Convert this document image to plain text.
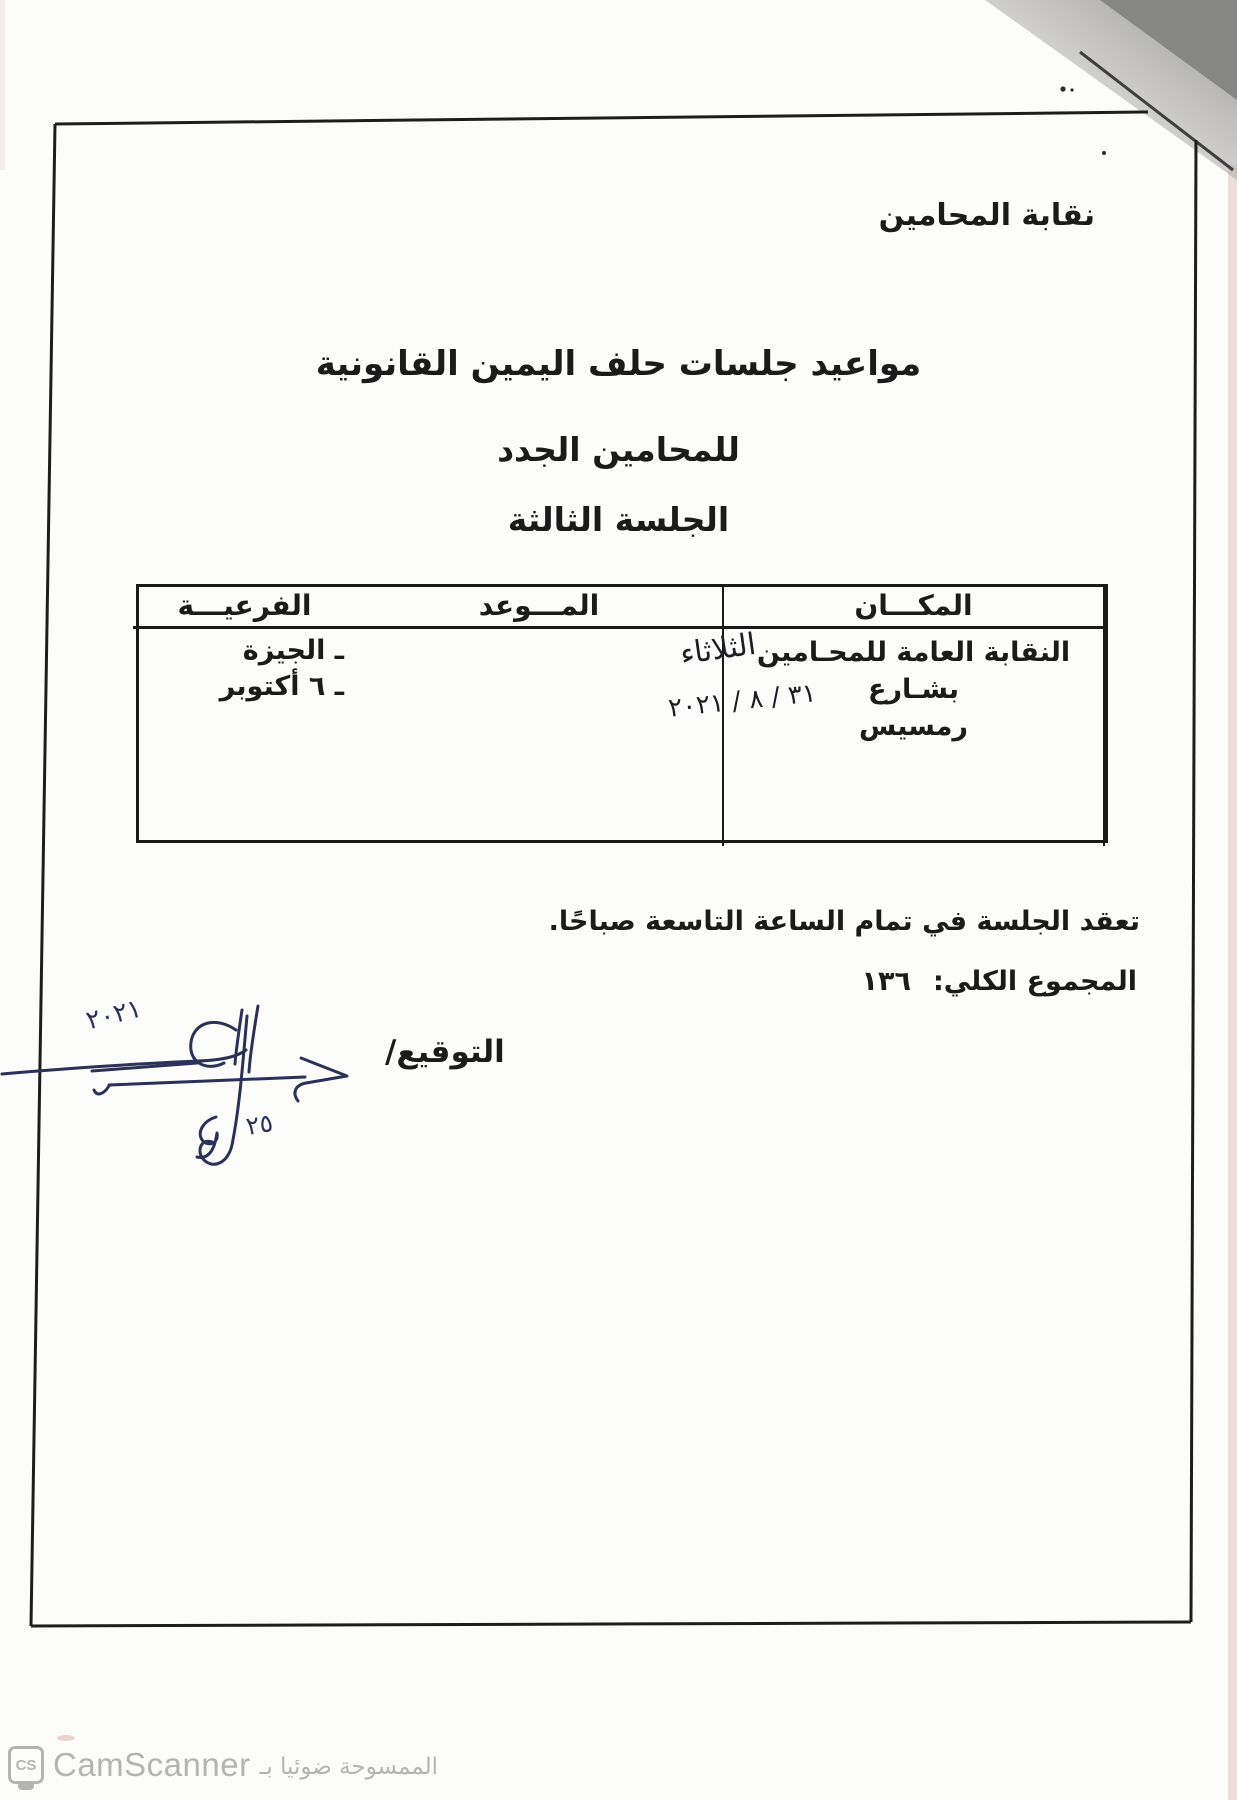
نقابة المحامين
مواعيد جلسات حلف اليمين القانونية
للمحامين الجدد
الجلسة الثالثة
المكـــان
المـــوعد
الفرعيـــة
النقابة العامة للمحـامين بشـارع
رمسيس
ـ الجيزة
ـ ٦ أكتوبر
الثلاثاء
٣١ / ٨ / ٢٠٢١
تعقد الجلسة في تمام الساعة التاسعة صباحًا.
المجموع الكلي:
١٣٦
التوقيع/
٢٠٢١
٢٥
CS CamScanner الممسوحة ضوئيا بـ
